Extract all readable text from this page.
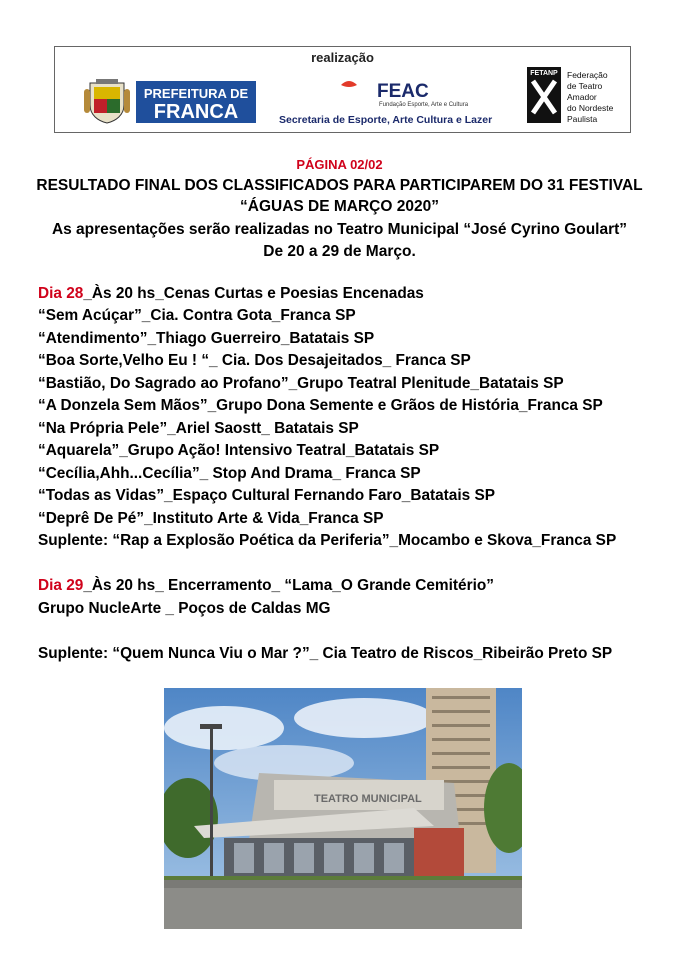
realização
PREFEITURA DE
FRANCA
FEAC
Fundação Esporte, Arte e Cultura
Secretaria de Esporte, Arte Cultura e Lazer
FETANP Federação
de Teatro
Amador
do Nordeste
Paulista
PÁGINA 02/02
RESULTADO FINAL DOS CLASSIFICADOS PARA PARTICIPAREM DO 31 FESTIVAL
“ÁGUAS DE MARÇO 2020”
As apresentações serão realizadas no Teatro Municipal “José Cyrino Goulart”
De 20 a 29 de Março.
Dia 28_Às 20 hs_Cenas Curtas e Poesias Encenadas
“Sem Acúçar”_Cia. Contra Gota_Franca SP
“Atendimento”_Thiago Guerreiro_Batatais SP
“Boa Sorte,Velho Eu ! “_ Cia. Dos Desajeitados_ Franca SP
“Bastião, Do Sagrado ao Profano”_Grupo Teatral Plenitude_Batatais SP
“A Donzela Sem Mãos”_Grupo Dona Semente e Grãos de História_Franca SP
“Na Própria Pele”_Ariel Saostt_ Batatais SP
“Aquarela”_Grupo Ação! Intensivo Teatral_Batatais SP
“Cecília,Ahh...Cecília”_ Stop And Drama_ Franca SP
“Todas as Vidas”_Espaço Cultural Fernando Faro_Batatais SP
“Deprê De Pé”_Instituto Arte & Vida_Franca SP
Suplente: “Rap a Explosão Poética da Periferia”_Mocambo e Skova_Franca SP
Dia 29_Às 20 hs_ Encerramento_ “Lama_O Grande Cemitério”
Grupo NucleArte _ Poços de Caldas MG
Suplente: “Quem Nunca Viu o Mar ?”_ Cia Teatro de Riscos_Ribeirão Preto SP
TEATRO MUNICIPAL
